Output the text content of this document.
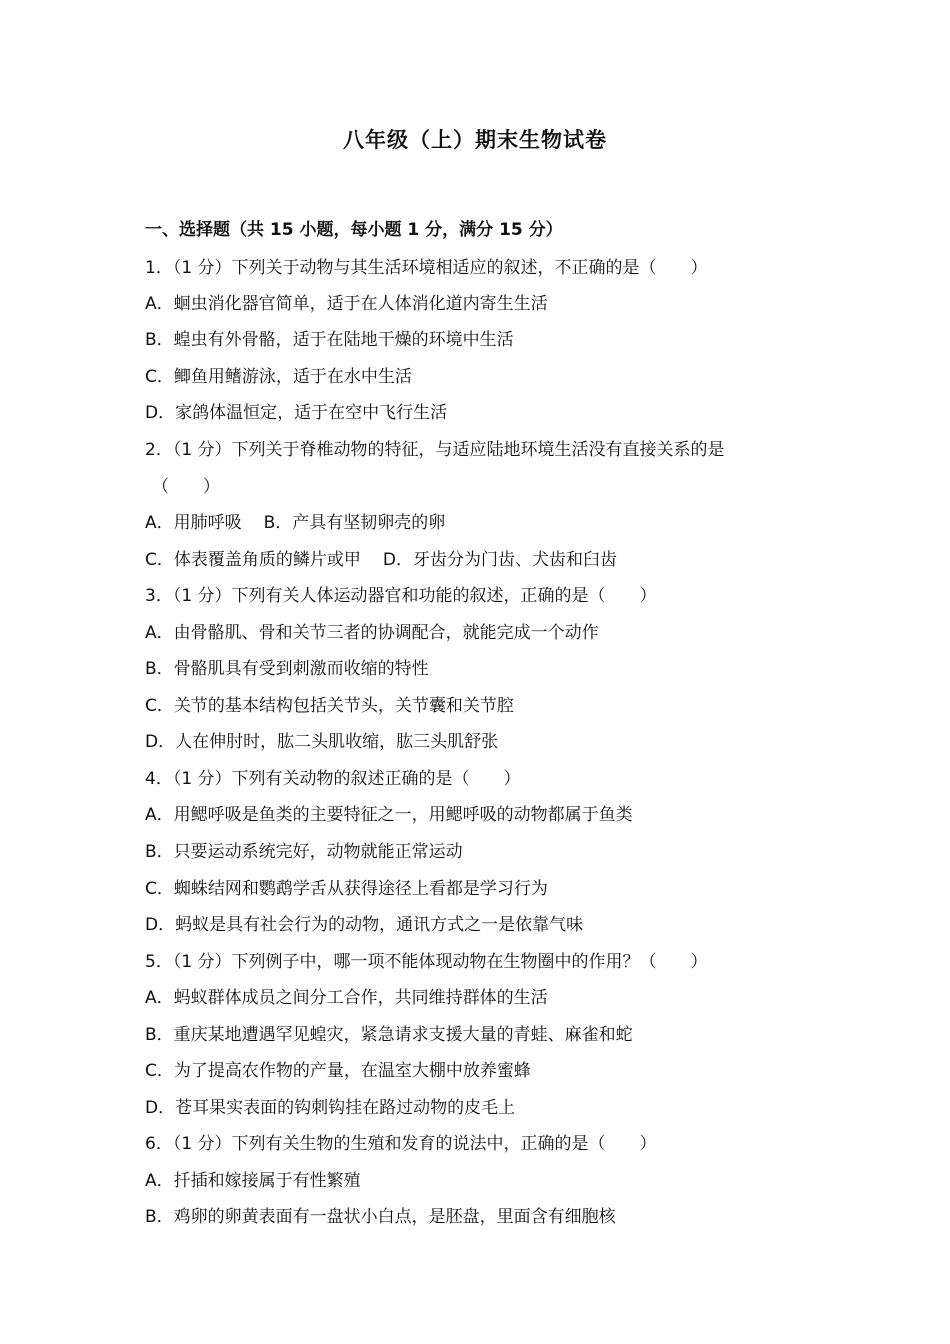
八年级（上）期末生物试卷
一、选择题（共 15 小题，每小题 1 分，满分 15 分）
1．（1 分）下列关于动物与其生活环境相适应的叙述，不正确的是（　　）
A．蛔虫消化器官简单，适于在人体消化道内寄生生活
B．蝗虫有外骨骼，适于在陆地干燥的环境中生活
C．鲫鱼用鳍游泳，适于在水中生活
D．家鸽体温恒定，适于在空中飞行生活
2．（1 分）下列关于脊椎动物的特征，与适应陆地环境生活没有直接关系的是
（　　）
A．用肺呼吸 B．产具有坚韧卵壳的卵
C．体表覆盖角质的鳞片或甲 D．牙齿分为门齿、犬齿和臼齿
3．（1 分）下列有关人体运动器官和功能的叙述，正确的是（　　）
A．由骨骼肌、骨和关节三者的协调配合，就能完成一个动作
B．骨骼肌具有受到刺激而收缩的特性
C．关节的基本结构包括关节头，关节囊和关节腔
D．人在伸肘时，肱二头肌收缩，肱三头肌舒张
4．（1 分）下列有关动物的叙述正确的是（　　）
A．用鳃呼吸是鱼类的主要特征之一，用鳃呼吸的动物都属于鱼类
B．只要运动系统完好，动物就能正常运动
C．蜘蛛结网和鹦鹉学舌从获得途径上看都是学习行为
D．蚂蚁是具有社会行为的动物，通讯方式之一是依靠气味
5．（1 分）下列例子中，哪一项不能体现动物在生物圈中的作用？（　　）
A．蚂蚁群体成员之间分工合作，共同维持群体的生活
B．重庆某地遭遇罕见蝗灾，紧急请求支援大量的青蛙、麻雀和蛇
C．为了提高农作物的产量，在温室大棚中放养蜜蜂
D．苍耳果实表面的钩刺钩挂在路过动物的皮毛上
6．（1 分）下列有关生物的生殖和发育的说法中，正确的是（　　）
A．扦插和嫁接属于有性繁殖
B．鸡卵的卵黄表面有一盘状小白点，是胚盘，里面含有细胞核
